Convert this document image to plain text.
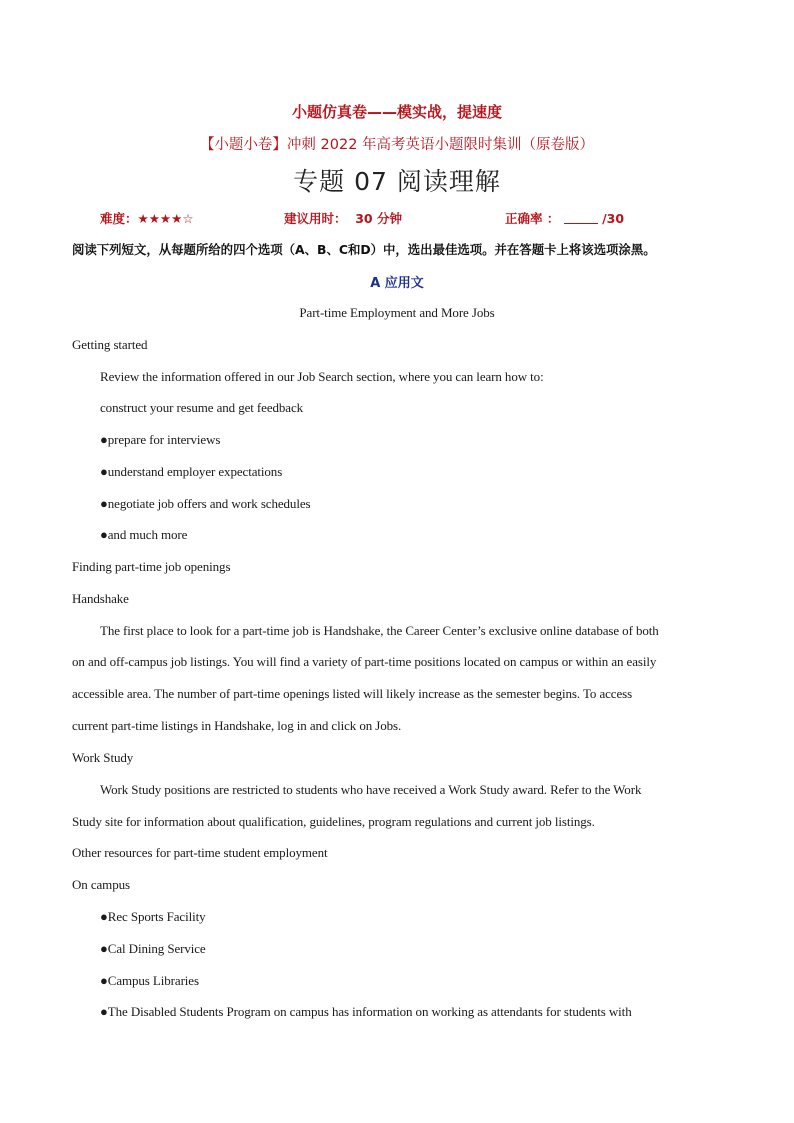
小题仿真卷——模实战，提速度
【小题小卷】冲刺 2022 年高考英语小题限时集训（原卷版）
专题 07 阅读理解
难度：★★★★☆	建议用时： 30 分钟	正确率 ：	/30
阅读下列短文，从每题所给的四个选项（A、B、C和D）中，选出最佳选项。并在答题卡上将该选项涂黑。
A 应用文
Part-time Employment and More Jobs
Getting started
Review the information offered in our Job Search section, where you can learn how to:
construct your resume and get feedback
●prepare for interviews
●understand employer expectations
●negotiate job offers and work schedules
●and much more
Finding part-time job openings
Handshake
The first place to look for a part-time job is Handshake, the Career Center’s exclusive online database of both
on and off-campus job listings. You will find a variety of part-time positions located on campus or within an easily
accessible area. The number of part-time openings listed will likely increase as the semester begins. To access
current part-time listings in Handshake, log in and click on Jobs.
Work Study
Work Study positions are restricted to students who have received a Work Study award. Refer to the Work
Study site for information about qualification, guidelines, program regulations and current job listings.
Other resources for part-time student employment
On campus
●Rec Sports Facility
●Cal Dining Service
●Campus Libraries
●The Disabled Students Program on campus has information on working as attendants for students with
